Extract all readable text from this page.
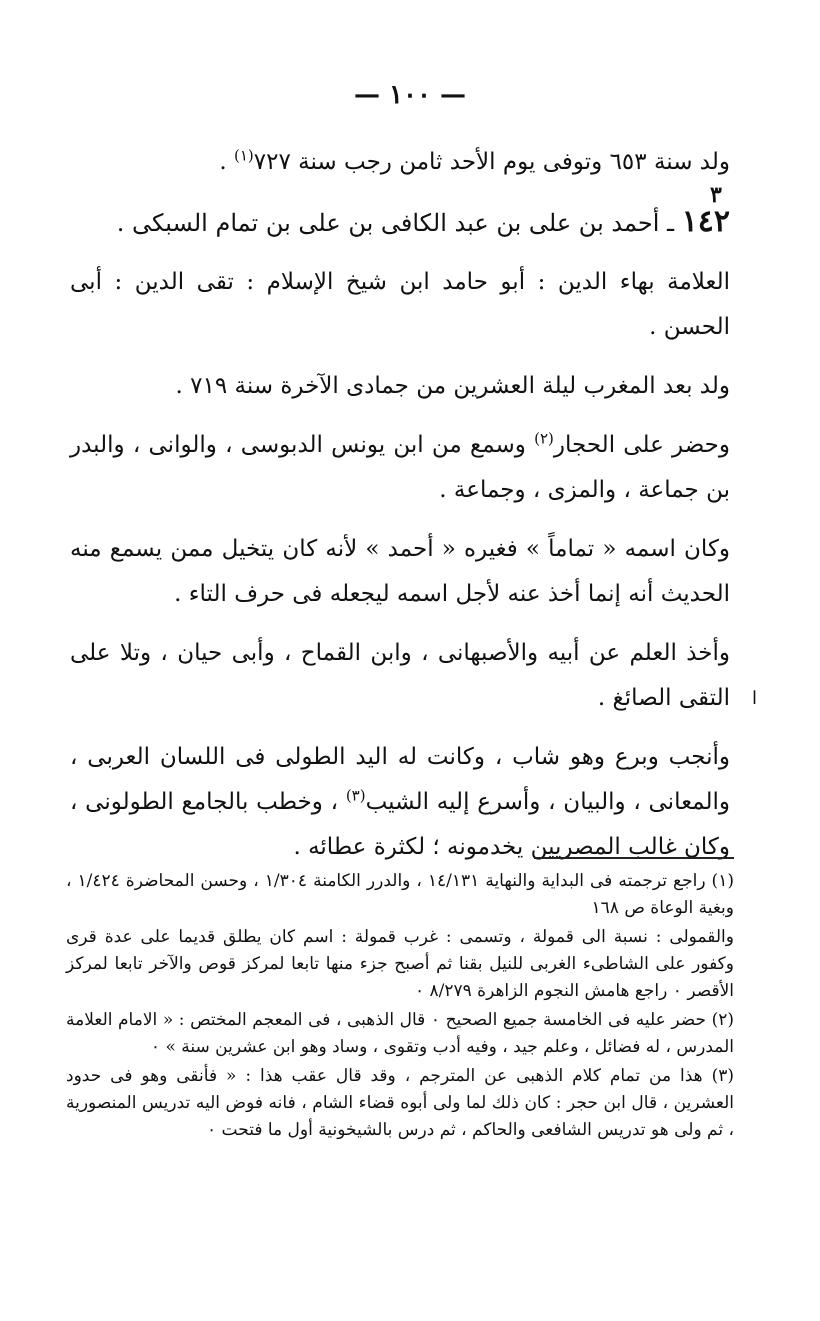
— ١٠٠ —
٣
ا

ولد سنة ٦٥٣ وتوفى يوم الأحد ثامن رجب سنة ٧٢٧$^{(١)}$ .

١٤٢ ـ أحمد بن على بن عبد الكافى بن على بن تمام السبكى .

العلامة بهاء الدين : أبو حامد ابن شيخ الإسلام : تقى الدين : أبى الحسن .

ولد بعد المغرب ليلة العشرين من جمادى الآخرة سنة ٧١٩ .

وحضر على الحجار$^{(٢)}$ وسمع من ابن يونس الدبوسى ، والوانى ، والبدر بن جماعة ، والمزى ، وجماعة .

وكان اسمه « تماماً » فغيره « أحمد » لأنه كان يتخيل ممن يسمع منه الحديث أنه إنما أخذ عنه لأجل اسمه ليجعله فى حرف التاء .

وأخذ العلم عن أبيه والأصبهانى ، وابن القماح ، وأبى حيان ، وتلا على التقى الصائغ .

وأنجب وبرع وهو شاب ، وكانت له اليد الطولى فى اللسان العربى ، والمعانى ، والبيان ، وأسرع إليه الشيب$^{(٣)}$ ، وخطب بالجامع الطولونى ، وكان غالب المصريين يخدمونه ؛ لكثرة عطائه .

(١) راجع ترجمته فى البداية والنهاية ١٤/١٣١ ، والدرر الكامنة ١/٣٠٤ ، وحسن المحاضرة ١/٤٢٤ ، وبغية الوعاة ص ١٦٨

والقمولى : نسبة الى قمولة ، وتسمى : غرب قمولة : اسم كان يطلق قديما على عدة قرى وكفور على الشاطىء الغربى للنيل بقنا ثم أصبح جزء منها تابعا لمركز قوص والآخر تابعا لمركز الأقصر ٠ راجع هامش النجوم الزاهرة ٨/٢٧٩ ٠

(٢) حضر عليه فى الخامسة جميع الصحيح ٠ قال الذهبى ، فى المعجم المختص : « الامام العلامة المدرس ، له فضائل ، وعلم جيد ، وفيه أدب وتقوى ، وساد وهو ابن عشرين سنة » ٠

(٣) هذا من تمام كلام الذهبى عن المترجم ، وقد قال عقب هذا : « فأنقى وهو فى حدود العشرين ، قال ابن حجر : كان ذلك لما ولى أبوه قضاء الشام ، فانه فوض اليه تدريس المنصورية ، ثم ولى هو تدريس الشافعى والحاكم ، ثم درس بالشيخونية أول ما فتحت ٠
